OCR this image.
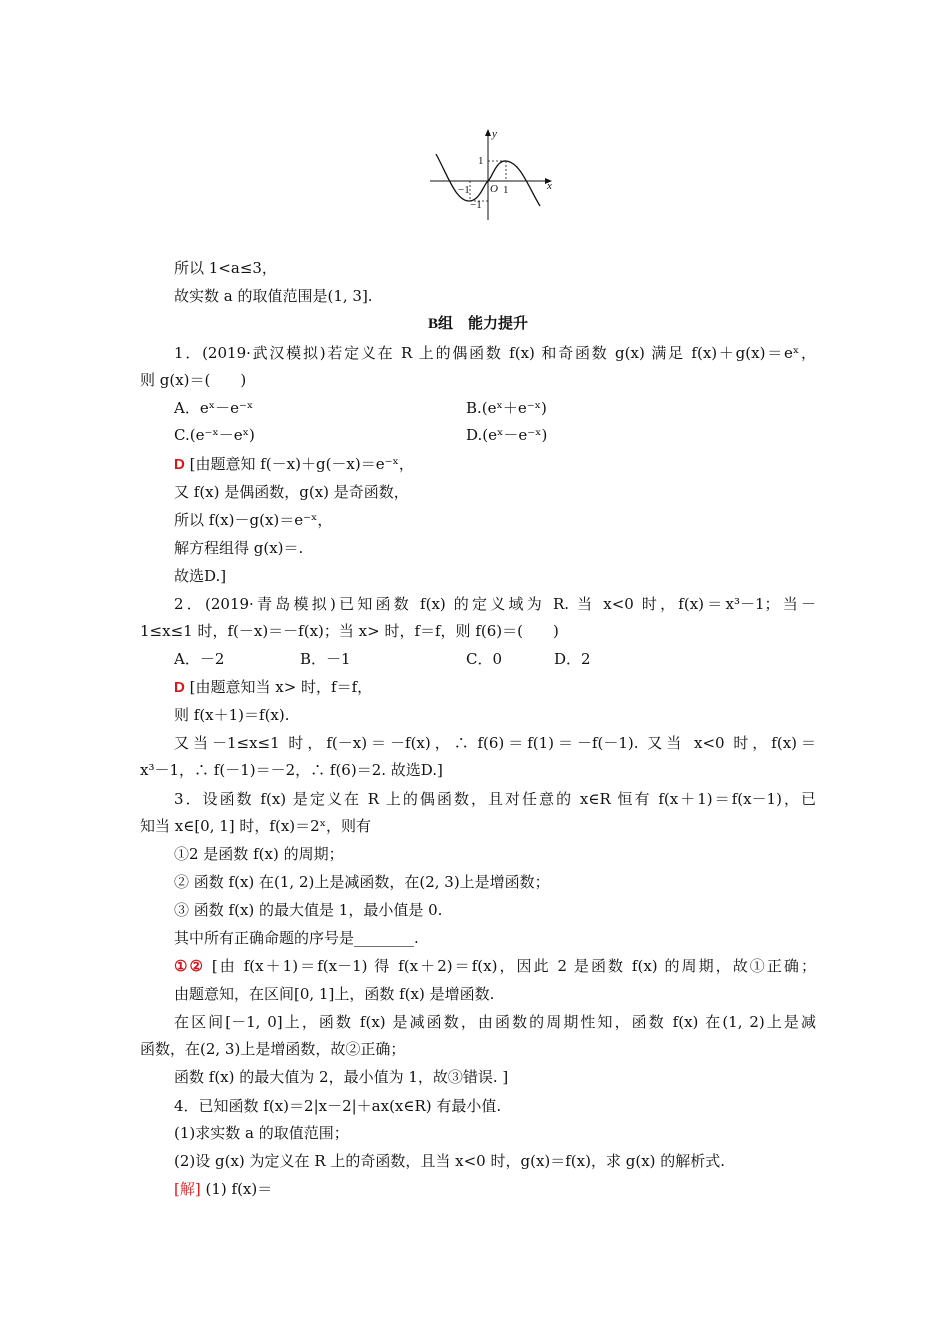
y
x
1
−1 O 1
−1
所以 1<a≤3，
故实数 a 的取值范围是(1, 3].
B组　能力提升
1．(2019·武汉模拟)若定义在 R 上的偶函数 f(x) 和奇函数 g(x) 满足 f(x)＋g(x)＝eˣ，
则 g(x)＝(　　)
A．eˣ－e⁻ˣ	B.(eˣ＋e⁻ˣ)
C.(e⁻ˣ－eˣ)	D.(eˣ－e⁻ˣ)
D [由题意知 f(－x)＋g(－x)＝e⁻ˣ，
又 f(x) 是偶函数，g(x) 是奇函数，
所以 f(x)－g(x)＝e⁻ˣ，
解方程组得 g(x)＝.
故选D.]
2．(2019·青岛模拟)已知函数 f(x) 的定义域为 R. 当 x<0 时，f(x)＝x³－1；当－
1≤x≤1 时，f(－x)＝－f(x)；当 x> 时，f＝f，则 f(6)＝(　　)
A．－2	B．－1	C．0	D．2
D [由题意知当 x> 时，f＝f，
则 f(x＋1)＝f(x).
又当－1≤x≤1 时，f(－x)＝－f(x)，∴ f(6)＝f(1)＝－f(－1). 又当 x<0 时，f(x)＝
x³－1，∴ f(－1)＝－2，∴ f(6)＝2. 故选D.]
3．设函数 f(x) 是定义在 R 上的偶函数，且对任意的 x∈R 恒有 f(x＋1)＝f(x－1)，已
知当 x∈[0, 1] 时，f(x)＝2ˣ，则有
①2 是函数 f(x) 的周期；
② 函数 f(x) 在(1, 2)上是减函数，在(2, 3)上是增函数；
③ 函数 f(x) 的最大值是 1，最小值是 0.
其中所有正确命题的序号是________.
①② [由 f(x＋1)＝f(x－1) 得 f(x＋2)＝f(x)，因此 2 是函数 f(x) 的周期，故①正确；
由题意知，在区间[0, 1]上，函数 f(x) 是增函数.
在区间[－1, 0]上，函数 f(x) 是减函数，由函数的周期性知，函数 f(x) 在(1, 2)上是减
函数，在(2, 3)上是增函数，故②正确；
函数 f(x) 的最大值为 2，最小值为 1，故③错误. ]
4．已知函数 f(x)＝2|x－2|＋ax(x∈R) 有最小值.
(1)求实数 a 的取值范围；
(2)设 g(x) 为定义在 R 上的奇函数，且当 x<0 时，g(x)＝f(x)，求 g(x) 的解析式.
[解] (1) f(x)＝
